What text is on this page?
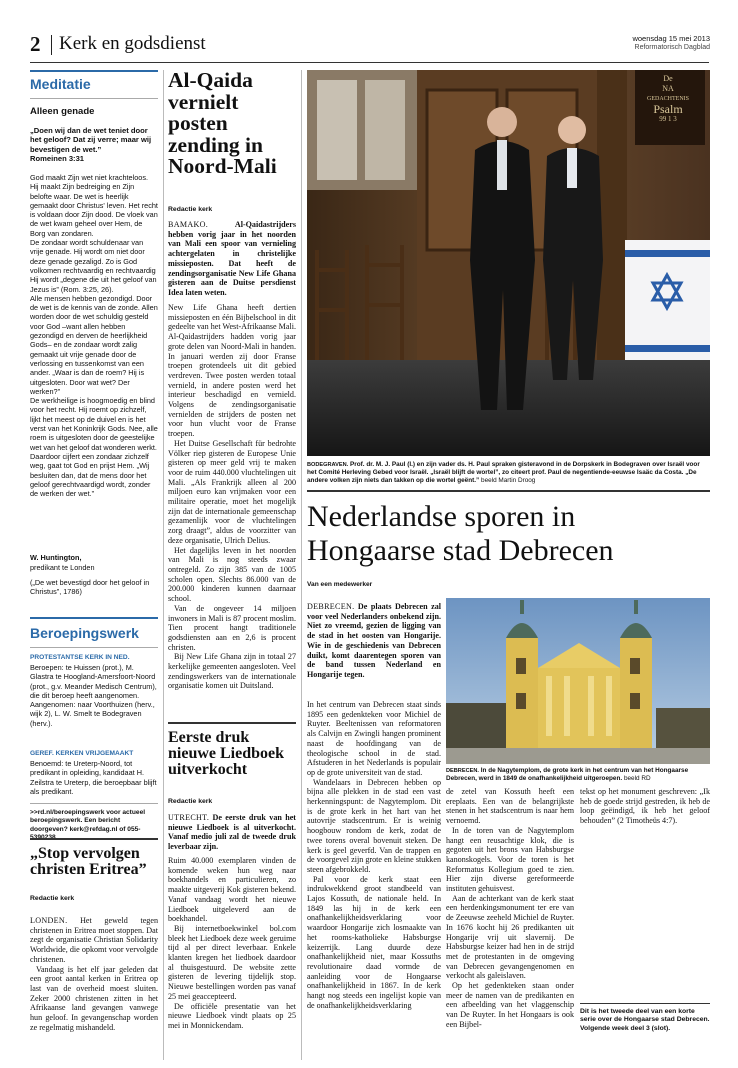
2 Kerk en godsdienst	woensdag 15 mei 2013
Reformatorisch Dagblad
Meditatie
Alleen genade
„Doen wij dan de wet teniet door het geloof? Dat zij verre; maar wij bevestigen de wet.”
Romeinen 3:31

God maakt Zijn wet niet krachteloos. Hij maakt Zijn bedreiging en Zijn belofte waar. De wet is heerlijk gemaakt door Christus' leven. Het recht is voldaan door Zijn dood. De vloek van de wet kwam geheel over Hem, de Borg van zondaren.

De zondaar wordt schuldenaar van vrije genade. Hij wordt om niet door deze genade gezaligd. Zo is God volkomen rechtvaardig en rechtvaardig Hij wordt „degene die uit het geloof van Jezus is” (Rom. 3:25, 26).

Alle mensen hebben gezondigd. Door de wet is de kennis van de zonde. Allen worden door de wet schuldig gesteld voor God –want allen hebben gezondigd en derven de heerlijkheid Gods– en de zondaar wordt zalig gemaakt uit vrije genade door de verlossing en tussenkomst van een ander. „Waar is dan de roem? Hij is uitgesloten. Door wat wet? Der werken?”

De werkheilige is hoogmoedig en blind voor het recht. Hij roemt op zichzelf, lijkt het meest op de duivel en is het verst van het Koninkrijk Gods. Nee, alle roem is uitgesloten door de geestelijke wet van het geloof dat wonderen werkt. Daardoor cijfert een zondaar zichzelf weg, gaat tot God en prijst Hem. „Wij besluiten dan, dat de mens door het geloof gerechtvaardigd wordt, zonder de werken der wet.”

W. Huntington,
predikant te Londen
(„De wet bevestigd door het geloof in Christus”, 1786)
Beroepingswerk
PROTESTANTSE KERK IN NED.
Beroepen: te Huissen (prot.), M. Glastra te Hoogland-Amersfoort-Noord (prot., g.v. Meander Medisch Centrum), die dit beroep heeft aangenomen. Aangenomen: naar Voorthuizen (herv., wijk 2), L. W. Smelt te Bodegraven (herv.).
GEREF. KERKEN VRIJGEMAAKT
Benoemd: te Ureterp-Noord, tot predikant in opleiding, kandidaat H. Zeilstra te Ureterp, die beroepbaar blijft als predikant.
>>rd.nl/beroepingswerk voor actueel beroepingswerk. Een bericht doorgeven? kerk@refdag.nl of 055-
„Stop vervolgen christen Eritrea”
Redactie kerk

LONDEN. Het geweld tegen christenen in Eritrea moet stoppen. Dat zegt de organisatie Christian Solidarity Worldwide, die opkomt voor vervolgde christenen.

Vandaag is het elf jaar geleden dat een groot aantal kerken in Eritrea op last van de overheid moest sluiten. Zeker 2000 christenen zitten in het Afrikaanse land gevangen vanwege hun geloof. In gevangenschap worden ze regelmatig mishandeld.

Al-Qaida vernielt posten zending in Noord-Mali
Redactie kerk
BAMAKO.	Al-Qaidastrijders hebben vorig jaar in het noorden van Mali een spoor van vernieling achtergelaten in christelijke missieposten. Dat heeft de zendingsorganisatie New Life Ghana gisteren aan de Duitse persdienst Idea laten weten.

New Life Ghana heeft dertien missieposten en één Bijbelschool in dit gedeelte van het West-Afrikaanse Mali. Al-Qaidastrijders hadden vorig jaar grote delen van Noord-Mali in handen. In januari werden zij door Franse troepen grotendeels uit dit gebied verdreven. Twee posten werden totaal vernield, in andere posten werd het interieur beschadigd en vernield. Volgens de zendingsorganisatie vernielden de strijders de posten net voor hun vlucht voor de Franse troepen.

Het Duitse Gesellschaft für bedrohte Völker riep gisteren de Europese Unie gisteren op meer geld vrij te maken voor de ruim 440.000 vluchtelingen uit Mali. „Als Frankrijk alleen al 200 miljoen euro kan vrijmaken voor een militaire operatie, moet het mogelijk zijn dat de internationale gemeenschap gezamenlijk voor de vluchtelingen zorg draagt”, aldus de voorzitter van deze organisatie, Ulrich Delius.

Het dagelijks leven in het noorden van Mali is nog steeds zwaar ontregeld. Zo zijn 385 van de 1005 scholen open. Slechts 86.000 van de 200.000 kinderen kunnen daarnaar school.

Van de ongeveer 14 miljoen inwoners in Mali is 87 procent moslim. Tien procent hangt traditionele godsdiensten aan en 2,6 is procent christen.

Bij New Life Ghana zijn in totaal 27 kerkelijke gemeenten aangesloten. Veel zendingswerkers van de internationale organisatie komen uit Duitsland.

Eerste druk nieuwe Liedboek uitverkocht
Redactie kerk
UTRECHT. De eerste druk van het nieuwe Liedboek is al uitverkocht. Vanaf medio juli zal de tweede druk leverbaar zijn.

Ruim 40.000 exemplaren vinden de komende weken hun weg naar boekhandels en particulieren, zo maakte uitgeverij Kok gisteren bekend. Vanaf vandaag wordt het nieuwe Liedboek uitgeleverd aan de boekhandel.

Bij internetboekwinkel bol.com bleek het Liedboek deze week geruime tijd al per direct leverbaar. Enkele klanten kregen het liedboek daardoor al thuisgestuurd. De website zette gisteren de levering tijdelijk stop. Nieuwe bestellingen worden pas vanaf 25 mei geaccepteerd.

De officiële presentatie van het nieuwe Liedboek vindt plaats op 25 mei in Monnickendam.

De
NA
GEDACHTENIS
Psalm
99 1 3
BODEGRAVEN. Prof. dr. M. J. Paul (l.) en zijn vader ds. H. Paul spraken gisteravond in de Dorpskerk in Bodegraven over Israël voor het Comité Herleving Gebed voor Israël. „Israël blijft de wortel”, zo citeert prof. Paul de negentiende-eeuwse Isaäc da Costa. „De andere volken zijn niets dan takken op die wortel geënt.” beeld Martin Droog
Nederlandse sporen in Hongaarse stad Debrecen
Van een medewerker
DEBRECEN. De plaats Debrecen zal voor veel Nederlanders onbekend zijn. Niet zo vreemd, gezien de ligging van de stad in het oosten van Hongarije. Wie in de geschiedenis van Debrecen duikt, komt daarentegen sporen van de band tussen Nederland en Hongarije tegen.

In het centrum van Debrecen staat sinds 1895 een gedenkteken voor Michiel de Ruyter. Beeltenissen van reformatoren als Calvijn en Zwingli hangen prominent naast de hoofdingang van de theologische school in de stad. Afstuderen in het Nederlands is populair op de grote universiteit van de stad.

Wandelaars in Debrecen hebben op bijna alle plekken in de stad een vast herkenningspunt: de Nagytemplom. Dit is de grote kerk in het hart van het autovrije stadscentrum. Er is weinig hoogbouw rondom de kerk, zodat de twee torens overal bovenuit steken. De kerk is geel geverfd. Van de trappen en de voorgevel zijn grote en kleine stukken steen afgebrokkeld.

Pal voor de kerk staat een indrukwekkend groot standbeeld van Lajos Kossuth, de nationale held. In 1849 las hij in de kerk een onafhankelijkheidsverklaring voor waardoor Hongarije zich losmaakte van het rooms-katholieke Habsburgse keizerrijk. Lang duurde deze onafhankelijkheid niet, maar Kossuths revolutionaire daad vormde de aanleiding voor de Hongaarse onafhankelijkheid in 1867. In de kerk hangt nog steeds een ingelijst kopie van de onafhankelijkheidsverklaring

DEBRECEN. In de Nagytemplom, de grote kerk in het centrum van het Hongaarse Debrecen, werd in 1849 de onafhankelijkheid uitgeroepen. beeld RD

de zetel van Kossuth heeft een ereplaats. Een van de belangrijkste stenen in het stadscentrum is naar hem vernoemd.

In de toren van de Nagytemplom hangt een reusachtige klok, die is gegoten uit het brons van Habsburgse kanonskogels. Voor de toren is het Reformatus Kollegium goed te zien. Hier zijn diverse gereformeerde instituten gehuisvest.

Aan de achterkant van de kerk staat een herdenkingsmonument ter ere van de Zeeuwse zeeheld Michiel de Ruyter. In 1676 kocht hij 26 predikanten uit Hongarije vrij uit slavernij. De Habsburgse keizer had hen in de strijd met de protestanten in de omgeving van Debrecen gevangengenomen en verkocht als galeislaven.

Op het gedenkteken staan onder meer de namen van de predikanten en een afbeelding van het vlaggenschip van De Ruyter. In het Hongaars is ook een Bijbel-

tekst op het monument geschreven: „Ik heb de goede strijd gestreden, ik heb de loop geëindigd, ik heb het geloof behouden” (2 Timotheüs 4:7).

Dit is het tweede deel van een korte serie over de Hongaarse stad Debrecen. Volgende week deel 3 (slot).
